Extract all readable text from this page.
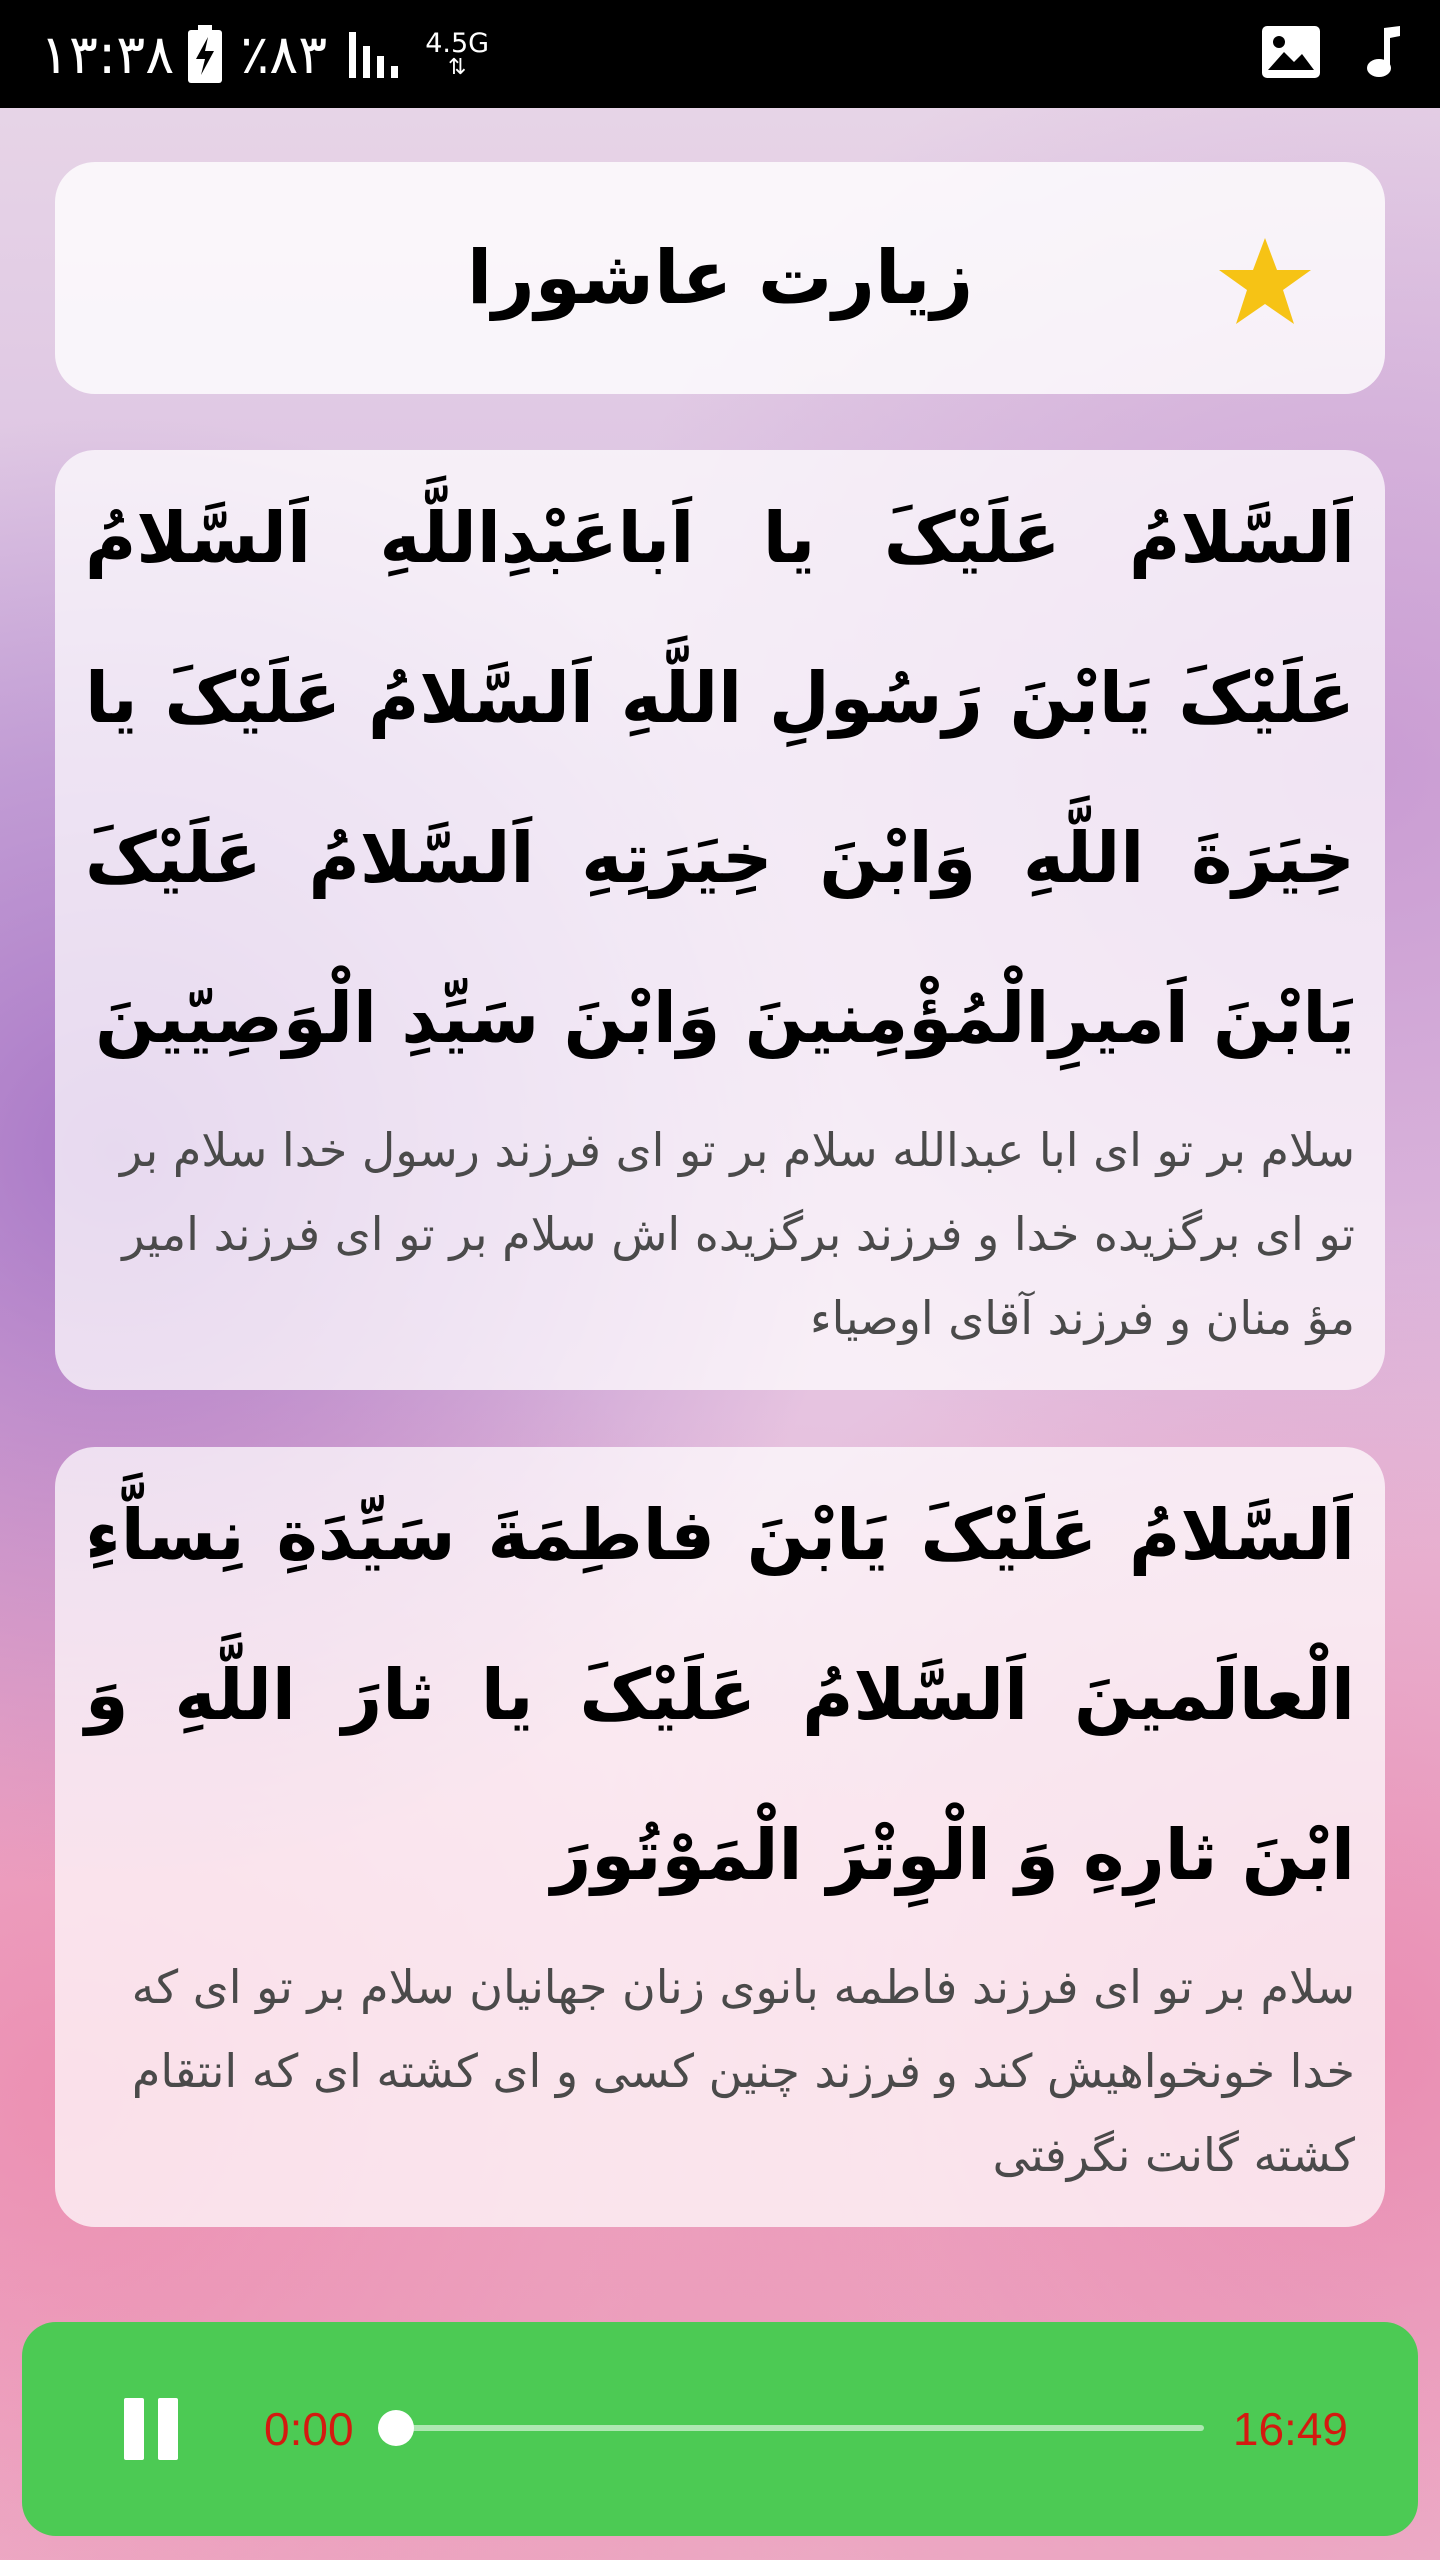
۱۳:۳۸ ٪۸۳	4.5G
⇅
زیارت عاشورا

اَلسَّلامُ عَلَيْکَ يا اَباعَبْدِاللَّهِ اَلسَّلامُ عَلَيْکَ يَابْنَ رَسُولِ اللَّهِ اَلسَّلامُ عَلَيْکَ يا خِيَرَةَ اللَّهِ وَابْنَ خِيَرَتِهِ اَلسَّلامُ عَلَيْکَ يَابْنَ اَميرِالْمُؤْمِنينَ وَابْنَ سَيِّدِ الْوَصِيّينَ

سلام بر تو ای ابا عبدالله سلام بر تو ای فرزند رسول خدا سلام بر تو ای برگزیده خدا و فرزند برگزیده اش سلام بر تو ای فرزند امیر مؤ منان و فرزند آقای اوصیاء

اَلسَّلامُ عَلَيْکَ يَابْنَ فاطِمَةَ سَيِّدَةِ نِساَّءِ الْعالَمينَ اَلسَّلامُ عَلَيْکَ يا ثارَ اللَّهِ وَ ابْنَ ثارِهِ وَ الْوِتْرَ الْمَوْتُورَ

سلام بر تو ای فرزند فاطمه بانوی زنان جهانیان سلام بر تو ای که خدا خونخواهیش کند و فرزند چنین کسی و ای کشته ای که انتقام کشته گانت نگرفتی

0:00	16:49
